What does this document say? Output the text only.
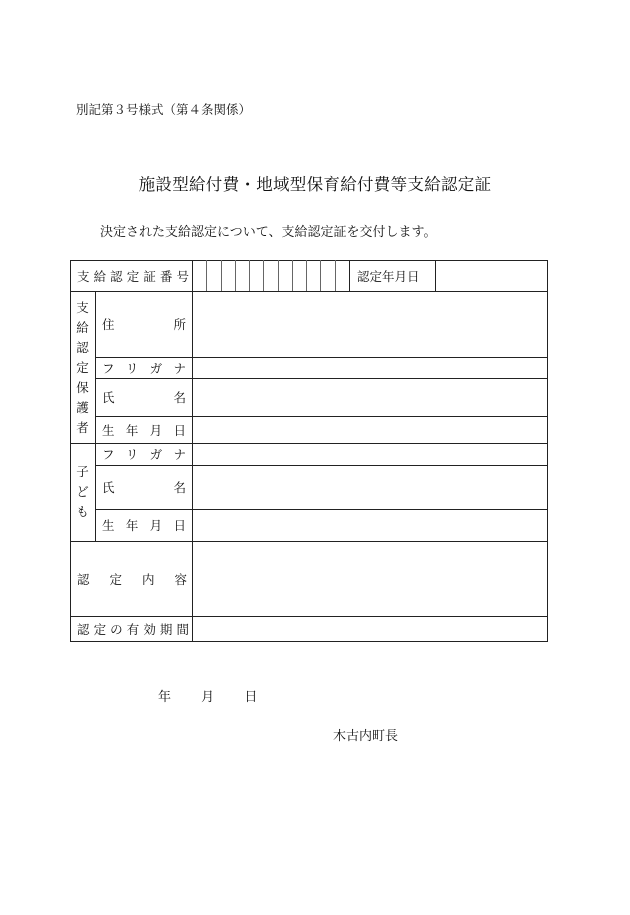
別記第３号様式（第４条関係）
施設型給付費・地域型保育給付費等支給認定証
決定された支給認定について、支給認定証を交付します。
支 給 認 定 証 番 号	認定年月日
支
給
認
定
保
護
者
住	所
フ リ ガ ナ
氏	名
生 年 月 日
子
ど
も
フ リ ガ ナ
氏	名
生 年 月 日
認 定 内 容
認 定 の 有 効 期 間
年 月 日
木古内町長
